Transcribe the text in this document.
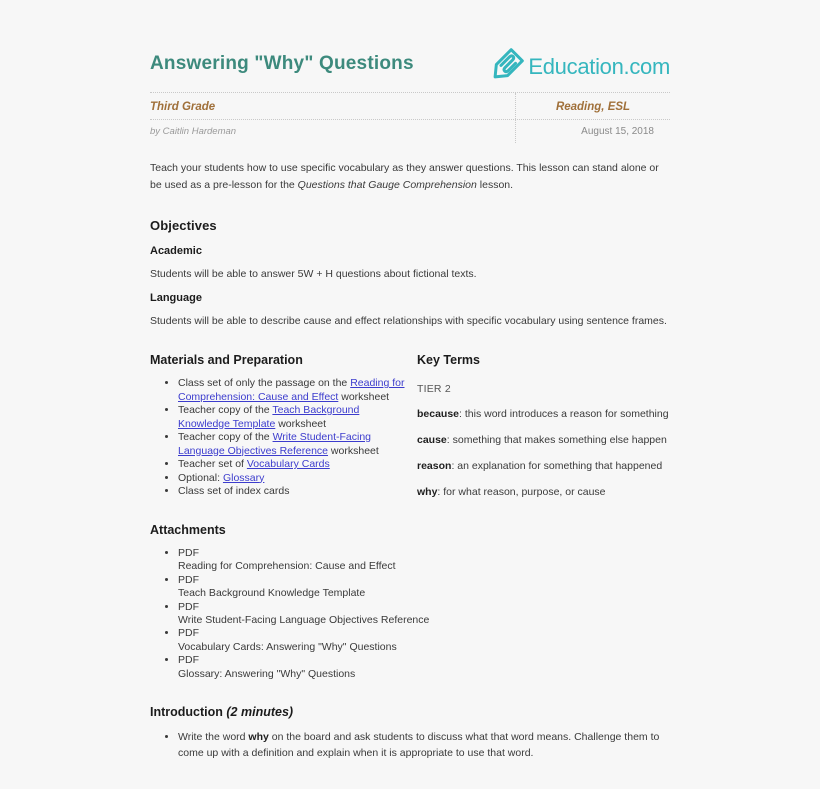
Answering "Why" Questions	Education.com
Third Grade	Reading, ESL
by Caitlin Hardeman	August 15, 2018

Teach your students how to use specific vocabulary as they answer questions. This lesson can stand alone or be used as a pre-lesson for the Questions that Gauge Comprehension lesson.

Objectives
Academic

Students will be able to answer 5W + H questions about fictional texts.

Language

Students will be able to describe cause and effect relationships with specific vocabulary using sentence frames.

Materials and Preparation
• Class set of only the passage on the Reading for Comprehension: Cause and Effect worksheet
• Teacher copy of the Teach Background Knowledge Template worksheet
• Teacher copy of the Write Student-Facing Language Objectives Reference worksheet
• Teacher set of Vocabulary Cards
• Optional: Glossary
• Class set of index cards
Key Terms

TIER 2

because: this word introduces a reason for something

cause: something that makes something else happen

reason: an explanation for something that happened

why: for what reason, purpose, or cause

Attachments
• PDF
Reading for Comprehension: Cause and Effect
• PDF
Teach Background Knowledge Template
• PDF
Write Student-Facing Language Objectives Reference
• PDF
Vocabulary Cards: Answering "Why" Questions
• PDF
Glossary: Answering "Why" Questions
Introduction (2 minutes)
• Write the word why on the board and ask students to discuss what that word means. Challenge them to come up with a definition and explain when it is appropriate to use that word.
